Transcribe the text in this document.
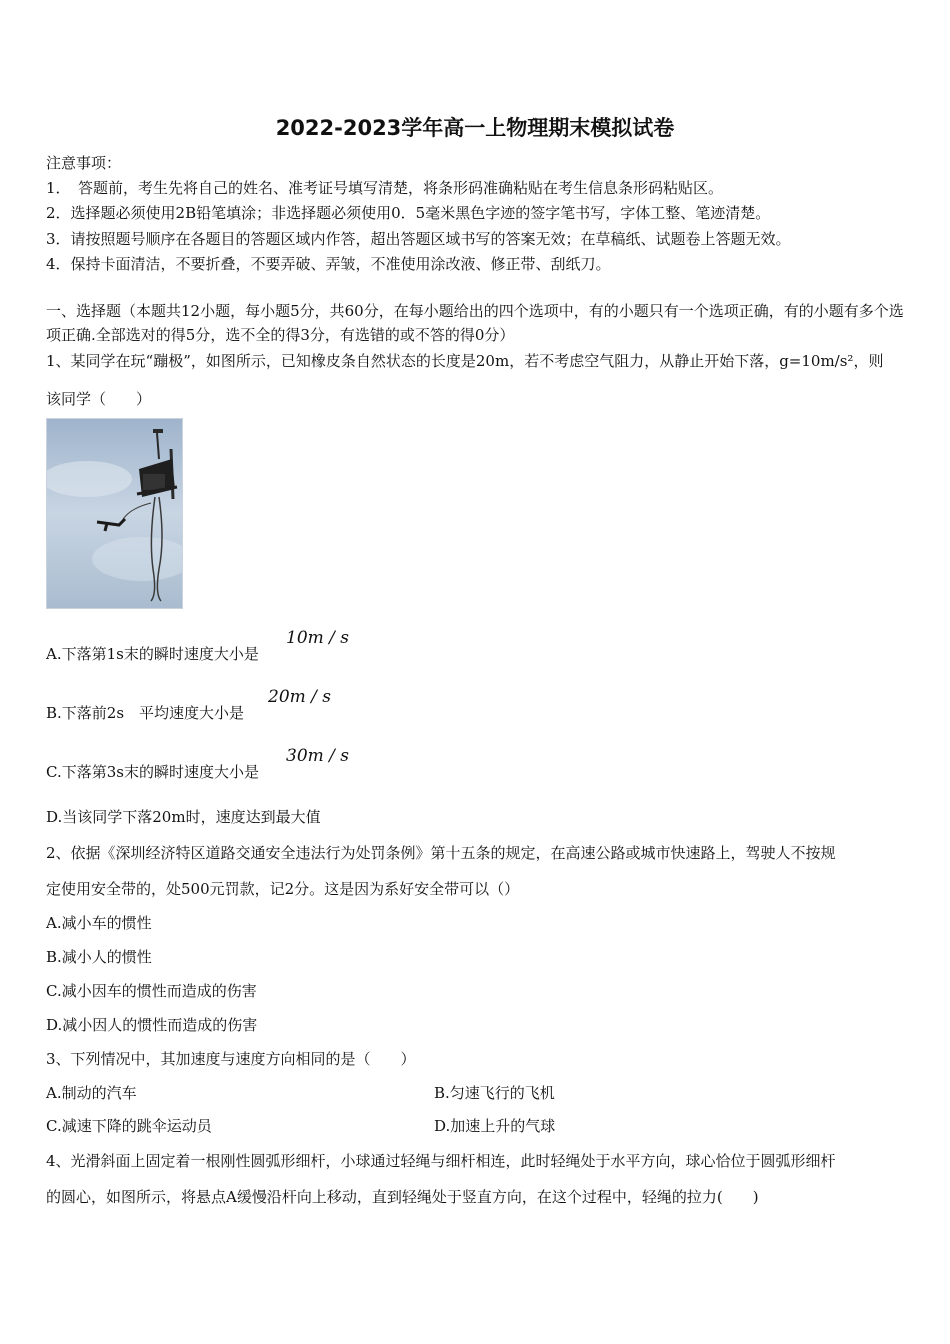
2022-2023学年高一上物理期末模拟试卷
注意事项：
1．　答题前，考生先将自己的姓名、准考证号填写清楚，将条形码准确粘贴在考生信息条形码粘贴区。
2．选择题必须使用2B铅笔填涂；非选择题必须使用0．5毫米黑色字迹的签字笔书写，字体工整、笔迹清楚。
3．请按照题号顺序在各题目的答题区域内作答，超出答题区域书写的答案无效；在草稿纸、试题卷上答题无效。
4．保持卡面清洁，不要折叠，不要弄破、弄皱，不准使用涂改液、修正带、刮纸刀。
一、选择题（本题共12小题，每小题5分，共60分，在每小题给出的四个选项中，有的小题只有一个选项正确，有的小题有多个选项正确.全部选对的得5分，选不全的得3分，有选错的或不答的得0分）
1、某同学在玩“蹦极”，如图所示，已知橡皮条自然状态的长度是20m，若不考虑空气阻力，从静止开始下落，g=10m/s²，则
该同学（　　）
A.下落第1s末的瞬时速度大小是
10m / s
B.下落前2s　平均速度大小是
20m / s
C.下落第3s末的瞬时速度大小是
30m / s
D.当该同学下落20m时，速度达到最大值
2、依据《深圳经济特区道路交通安全违法行为处罚条例》第十五条的规定，在高速公路或城市快速路上，驾驶人不按规
定使用安全带的，处500元罚款，记2分。这是因为系好安全带可以（）
A.减小车的惯性
B.减小人的惯性
C.减小因车的惯性而造成的伤害
D.减小因人的惯性而造成的伤害
3、下列情况中，其加速度与速度方向相同的是（　　）
A.制动的汽车	B.匀速飞行的飞机
C.减速下降的跳伞运动员	D.加速上升的气球
4、光滑斜面上固定着一根刚性圆弧形细杆，小球通过轻绳与细杆相连，此时轻绳处于水平方向，球心恰位于圆弧形细杆
的圆心，如图所示，将悬点A缓慢沿杆向上移动，直到轻绳处于竖直方向，在这个过程中，轻绳的拉力(　　)
